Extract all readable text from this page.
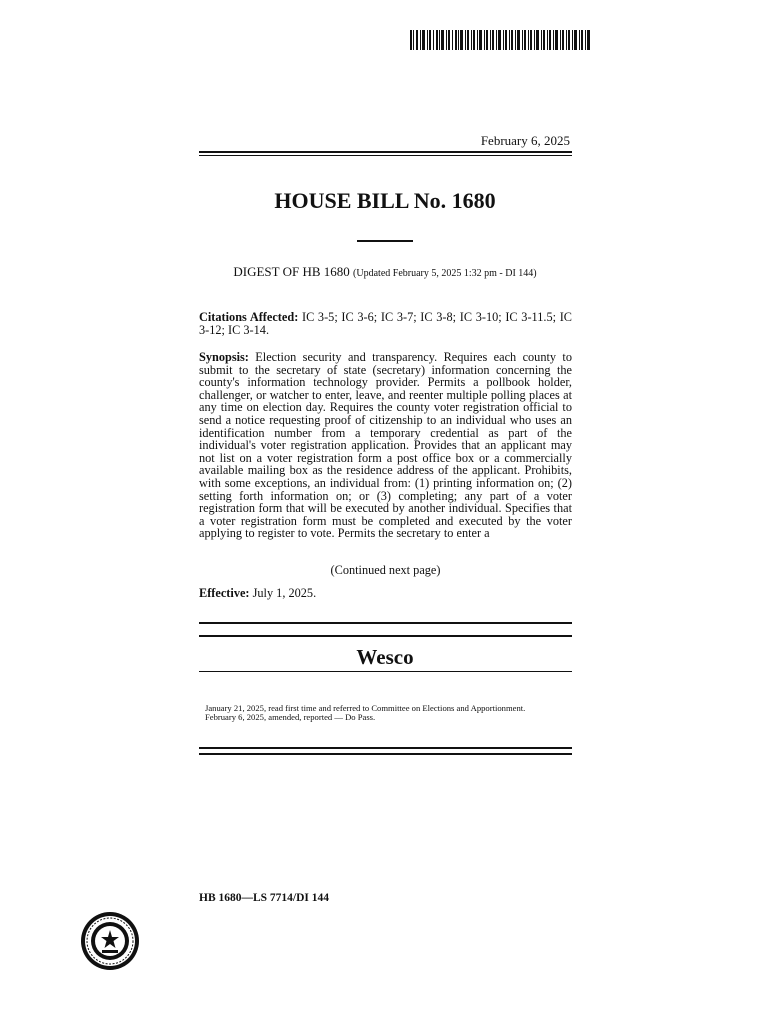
February 6, 2025
HOUSE BILL No. 1680
DIGEST OF HB 1680 (Updated February 5, 2025 1:32 pm - DI 144)
Citations Affected: IC 3-5; IC 3-6; IC 3-7; IC 3-8; IC 3-10; IC 3-11.5; IC 3-12; IC 3-14.
Synopsis: Election security and transparency. Requires each county to submit to the secretary of state (secretary) information concerning the county's information technology provider. Permits a pollbook holder, challenger, or watcher to enter, leave, and reenter multiple polling places at any time on election day. Requires the county voter registration official to send a notice requesting proof of citizenship to an individual who uses an identification number from a temporary credential as part of the individual's voter registration application. Provides that an applicant may not list on a voter registration form a post office box or a commercially available mailing box as the residence address of the applicant. Prohibits, with some exceptions, an individual from: (1) printing information on; (2) setting forth information on; or (3) completing; any part of a voter registration form that will be executed by another individual. Specifies that a voter registration form must be completed and executed by the voter applying to register to vote. Permits the secretary to enter a
(Continued next page)
Effective: July 1, 2025.
Wesco
January 21, 2025, read first time and referred to Committee on Elections and Apportionment.
February 6, 2025, amended, reported — Do Pass.
HB 1680—LS 7714/DI 144
